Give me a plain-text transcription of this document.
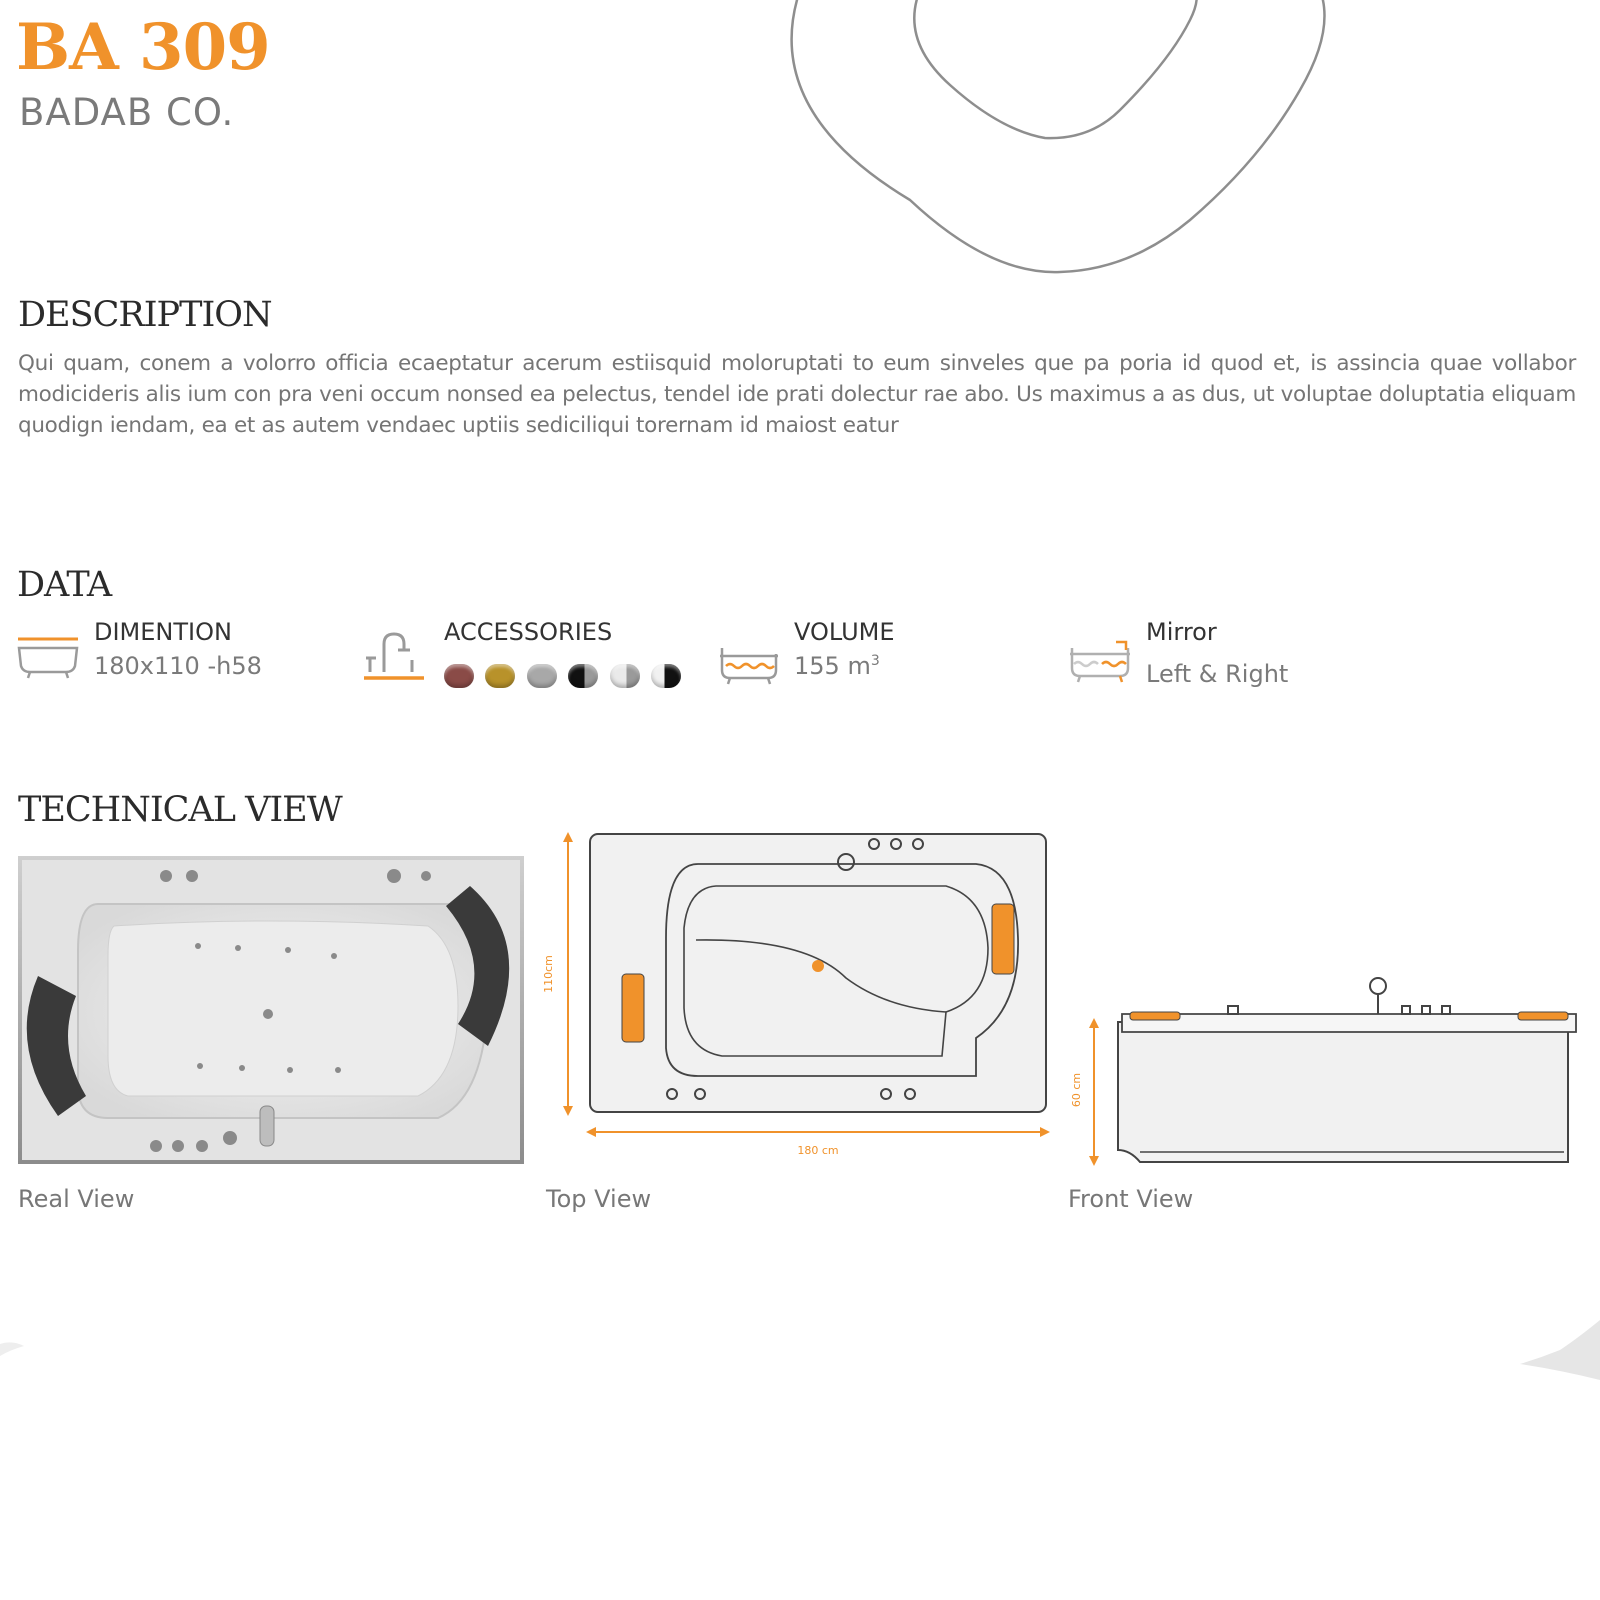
BA 309
BADAB CO.
DESCRIPTION

Qui quam, conem a volorro officia ecaeptatur acerum estiisquid moloruptati to eum sinveles que pa poria id quod et, is assincia quae vollabor modicideris alis ium con pra veni occum nonsed ea pelectus, tendel ide prati dolectur rae abo. Us maximus a as dus, ut voluptae doluptatia eliquam quodign iendam, ea et as autem vendaec uptiis sediciliqui torernam id maiost eatur

DATA
DIMENTION
180x110 -h58
ACCESSORIES	VOLUME
155 $m^3$
Mirror
Left & Right
TECHNICAL VIEW
Real View
110cm
180 cm
Top View
60 cm
Front View
